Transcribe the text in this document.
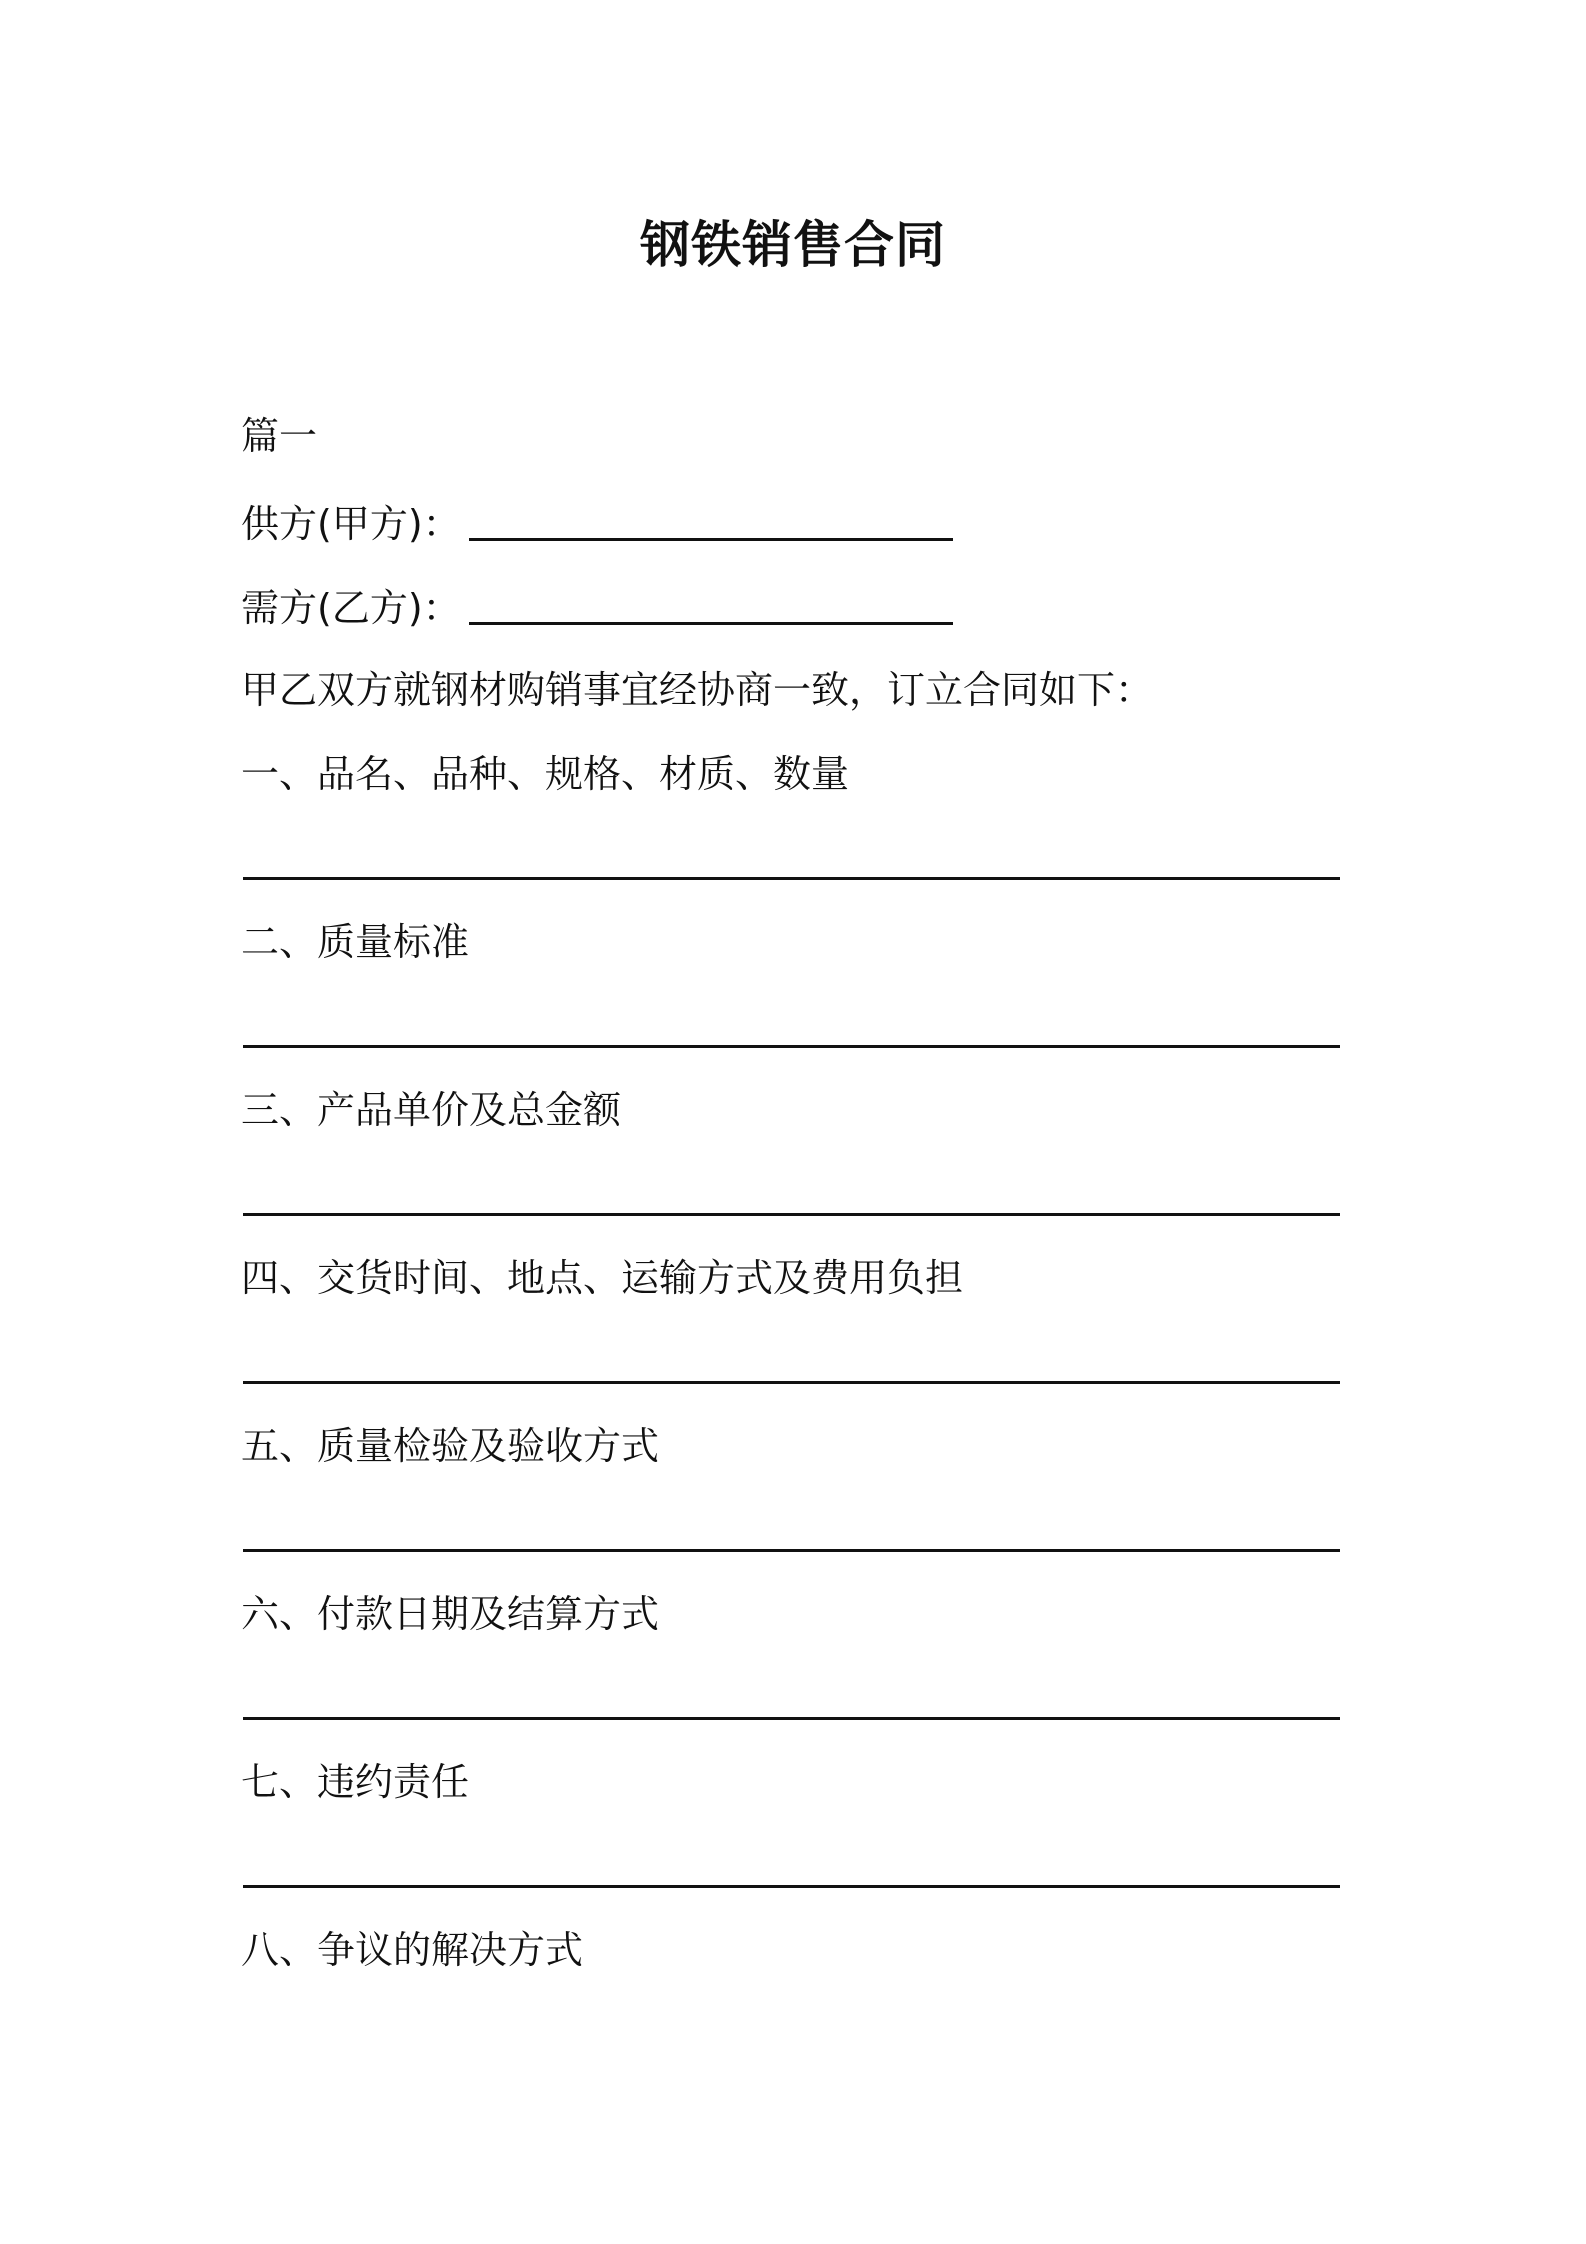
钢铁销售合同
篇一
供方(甲方)：
需方(乙方)：
甲乙双方就钢材购销事宜经协商一致，订立合同如下：
一、品名、品种、规格、材质、数量
二、质量标准
三、产品单价及总金额
四、交货时间、地点、运输方式及费用负担
五、质量检验及验收方式
六、付款日期及结算方式
七、违约责任
八、争议的解决方式
